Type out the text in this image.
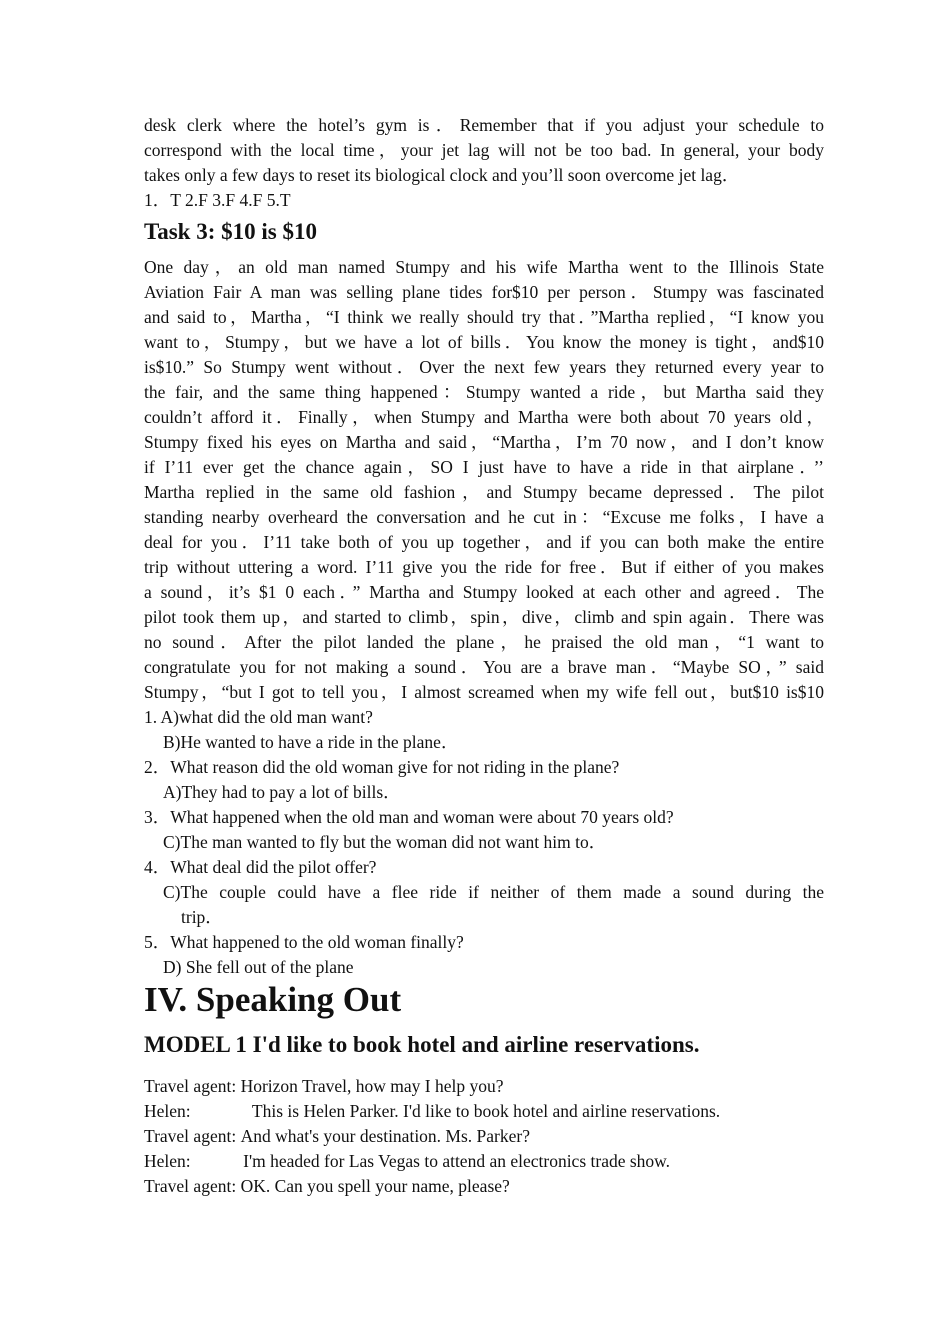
desk clerk where the hotel’s gym is．Remember that if you adjust your schedule to
correspond with the local time，your jet lag will not be too bad. In general, your body
takes only a few days to reset its biological clock and you’ll soon overcome jet lag．
1．T 2.F 3.F 4.F 5.T
Task 3: $10 is $10
One day，an old man named Stumpy and his wife Martha went to the Illinois State
Aviation Fair A man was selling plane tides for$10 per person．Stumpy was fascinated
and said to，Martha，“I think we really should try that．”Martha replied，“I know you
want to，Stumpy，but we have a lot of bills．You know the money is tight，and$10
is$10.” So Stumpy went without．Over the next few years they returned every year to
the fair, and the same thing happened：Stumpy wanted a ride，but Martha said they
couldn’t afford it．Finally，when Stumpy and Martha were both about 70 years old，
Stumpy fixed his eyes on Martha and said，“Martha，I’m 70 now，and I don’t know
if I’11 ever get the chance again，SO I just have to have a ride in that airplane．’’
Martha replied in the same old fashion，and Stumpy became depressed．The pilot
standing nearby overheard the conversation and he cut in：“Excuse me folks，I have a
deal for you．I’11 take both of you up together，and if you can both make the entire
trip without uttering a word. I’11 give you the ride for free．But if either of you makes
a sound，it’s $1 0 each．” Martha and Stumpy looked at each other and agreed．The
pilot took them up，and started to climb，spin，dive，climb and spin again．There was
no sound．After the pilot landed the plane，he praised the old man，“1 want to
congratulate you for not making a sound．You are a brave man．“Maybe SO，” said
Stumpy，“but I got to tell you，I almost screamed when my wife fell out，but$10 is$10
1. A)what did the old man want?
B)He wanted to have a ride in the plane．
2．What reason did the old woman give for not riding in the plane?
A)They had to pay a lot of bills．
3．What happened when the old man and woman were about 70 years old?
C)The man wanted to fly but the woman did not want him to．
4．What deal did the pilot offer?
C)The couple could have a flee ride if neither of them made a sound during the
trip．
5．What happened to the old woman finally?
D) She fell out of the plane
IV. Speaking Out
MODEL 1 I'd like to book hotel and airline reservations.
Travel agent: Horizon Travel, how may I help you?
Helen: This is Helen Parker. I'd like to book hotel and airline reservations.
Travel agent: And what's your destination. Ms. Parker?
Helen: I'm headed for Las Vegas to attend an electronics trade show.
Travel agent: OK. Can you spell your name, please?
